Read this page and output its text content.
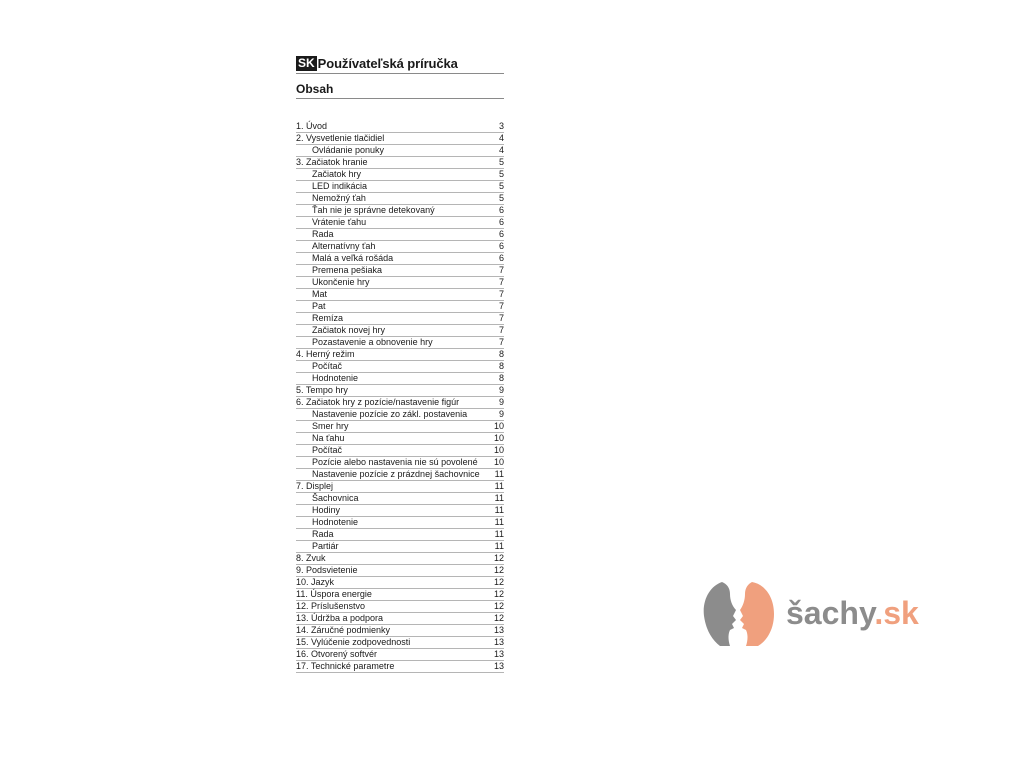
SK Používateľská príručka
Obsah
1. Úvod	3
2. Vysvetlenie tlačidiel	4
Ovládanie ponuky	4
3. Začiatok hranie	5
Začiatok hry	5
LED indikácia	5
Nemožný ťah	5
Ťah nie je správne detekovaný	6
Vrátenie ťahu	6
Rada	6
Alternatívny ťah	6
Malá a veľká rošáda	6
Premena pešiaka	7
Ukončenie hry	7
Mat	7
Pat	7
Remíza	7
Začiatok novej hry	7
Pozastavenie a obnovenie hry	7
4. Herný režim	8
Počítač	8
Hodnotenie	8
5. Tempo hry	9
6. Začiatok hry z pozície/nastavenie figúr	9
Nastavenie pozície zo zákl. postavenia	9
Smer hry	10
Na ťahu	10
Počítač	10
Pozície alebo nastavenia nie sú povolené 10
Nastavenie pozície z prázdnej šachovnice 11
7. Displej	11
Šachovnica	11
Hodiny	11
Hodnotenie	11
Rada	11
Partiár	11
8. Zvuk	12
9. Podsvietenie	12
10. Jazyk	12
11. Úspora energie	12
12. Príslušenstvo	12
13. Údržba a podpora	12
14. Záručné podmienky	13
15. Vylúčenie zodpovednosti	13
16. Otvorený softvér	13
17. Technické parametre	13
šachy.sk
